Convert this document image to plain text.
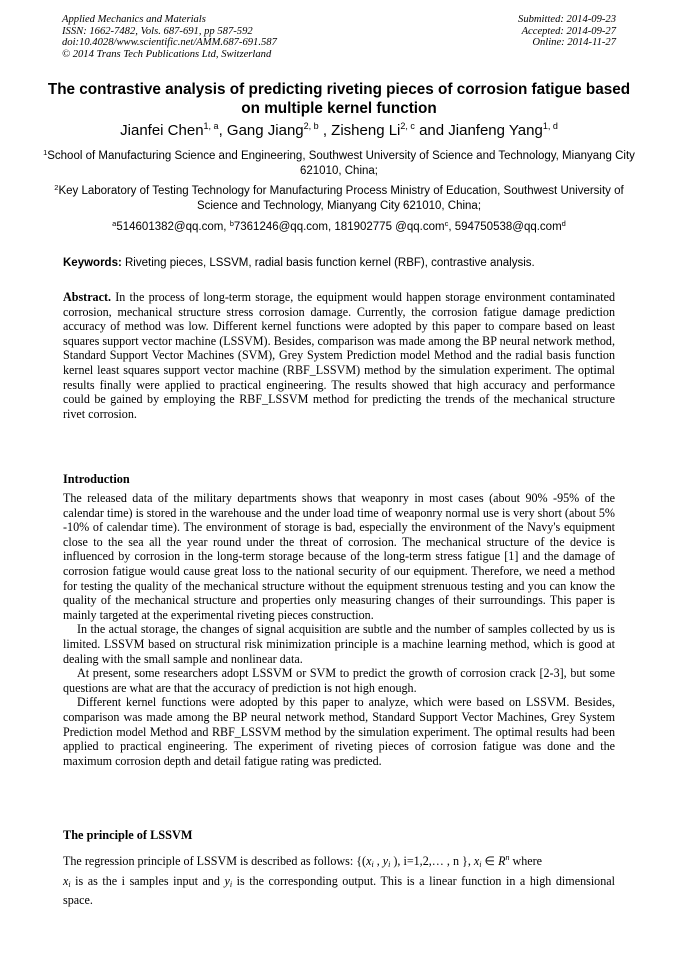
Applied Mechanics and Materials
ISSN: 1662-7482, Vols. 687-691, pp 587-592
doi:10.4028/www.scientific.net/AMM.687-691.587
© 2014 Trans Tech Publications Ltd, Switzerland
Submitted: 2014-09-23
Accepted: 2014-09-27
Online: 2014-11-27
The contrastive analysis of predicting riveting pieces of corrosion fatigue based on multiple kernel function
Jianfei Chen$^{1, a}$, Gang Jiang$^{2, b}$ , Zisheng Li$^{2, c}$ and Jianfeng Yang$^{1, d}$
$^1$School of Manufacturing Science and Engineering, Southwest University of Science and Technology, Mianyang City 621010, China;
$^2$Key Laboratory of Testing Technology for Manufacturing Process Ministry of Education, Southwest University of Science and Technology, Mianyang City 621010, China;
$^a$514601382@qq.com, $^b$7361246@qq.com, 181902775 @qq.com$^c$, 594750538@qq.com$^d$
Keywords: Riveting pieces, LSSVM, radial basis function kernel (RBF), contrastive analysis.
Abstract. In the process of long-term storage, the equipment would happen storage environment contaminated corrosion, mechanical structure stress corrosion damage. Currently, the corrosion fatigue damage prediction accuracy of method was low. Different kernel functions were adopted by this paper to compare based on least squares support vector machine (LSSVM). Besides, comparison was made among the BP neural network method, Standard Support Vector Machines (SVM), Grey System Prediction model Method and the radial basis function kernel least squares support vector machine (RBF_LSSVM) method by the simulation experiment. The optimal results finally were applied to practical engineering. The results showed that high accuracy and performance could be gained by employing the RBF_LSSVM method for predicting the trends of the mechanical structure rivet corrosion.
Introduction

The released data of the military departments shows that weaponry in most cases (about 90% -95% of the calendar time) is stored in the warehouse and the under load time of weaponry normal use is very short (about 5% -10% of calendar time). The environment of storage is bad, especially the environment of the Navy's equipment close to the sea all the year round under the threat of corrosion. The mechanical structure of the device is influenced by corrosion in the long-term storage because of the long-term stress fatigue [1] and the damage of corrosion fatigue would cause great loss to the national security of our equipment. Therefore, we need a method for testing the quality of the mechanical structure without the equipment strenuous testing and you can know the quality of the mechanical structure and properties only measuring changes of their surroundings. This paper is mainly targeted at the experimental riveting pieces construction.

In the actual storage, the changes of signal acquisition are subtle and the number of samples collected by us is limited. LSSVM based on structural risk minimization principle is a machine learning method, which is good at dealing with the small sample and nonlinear data.

At present, some researchers adopt LSSVM or SVM to predict the growth of corrosion crack [2-3], but some questions are what are that the accuracy of prediction is not high enough.

Different kernel functions were adopted by this paper to analyze, which were based on LSSVM. Besides, comparison was made among the BP neural network method, Standard Support Vector Machines, Grey System Prediction model Method and RBF_LSSVM method by the simulation experiment. The optimal results had been applied to practical engineering. The experiment of riveting pieces of corrosion fatigue was done and the maximum corrosion depth and detail fatigue rating was predicted.

The principle of LSSVM
The regression principle of LSSVM is described as follows: {($x_i$ , $y_i$ ), i=1,2,… , n }, $x_i$ ∈ $R^n$ where
$x_i$ is as the i samples input and $y_i$ is the corresponding output. This is a linear function in a high dimensional space.
